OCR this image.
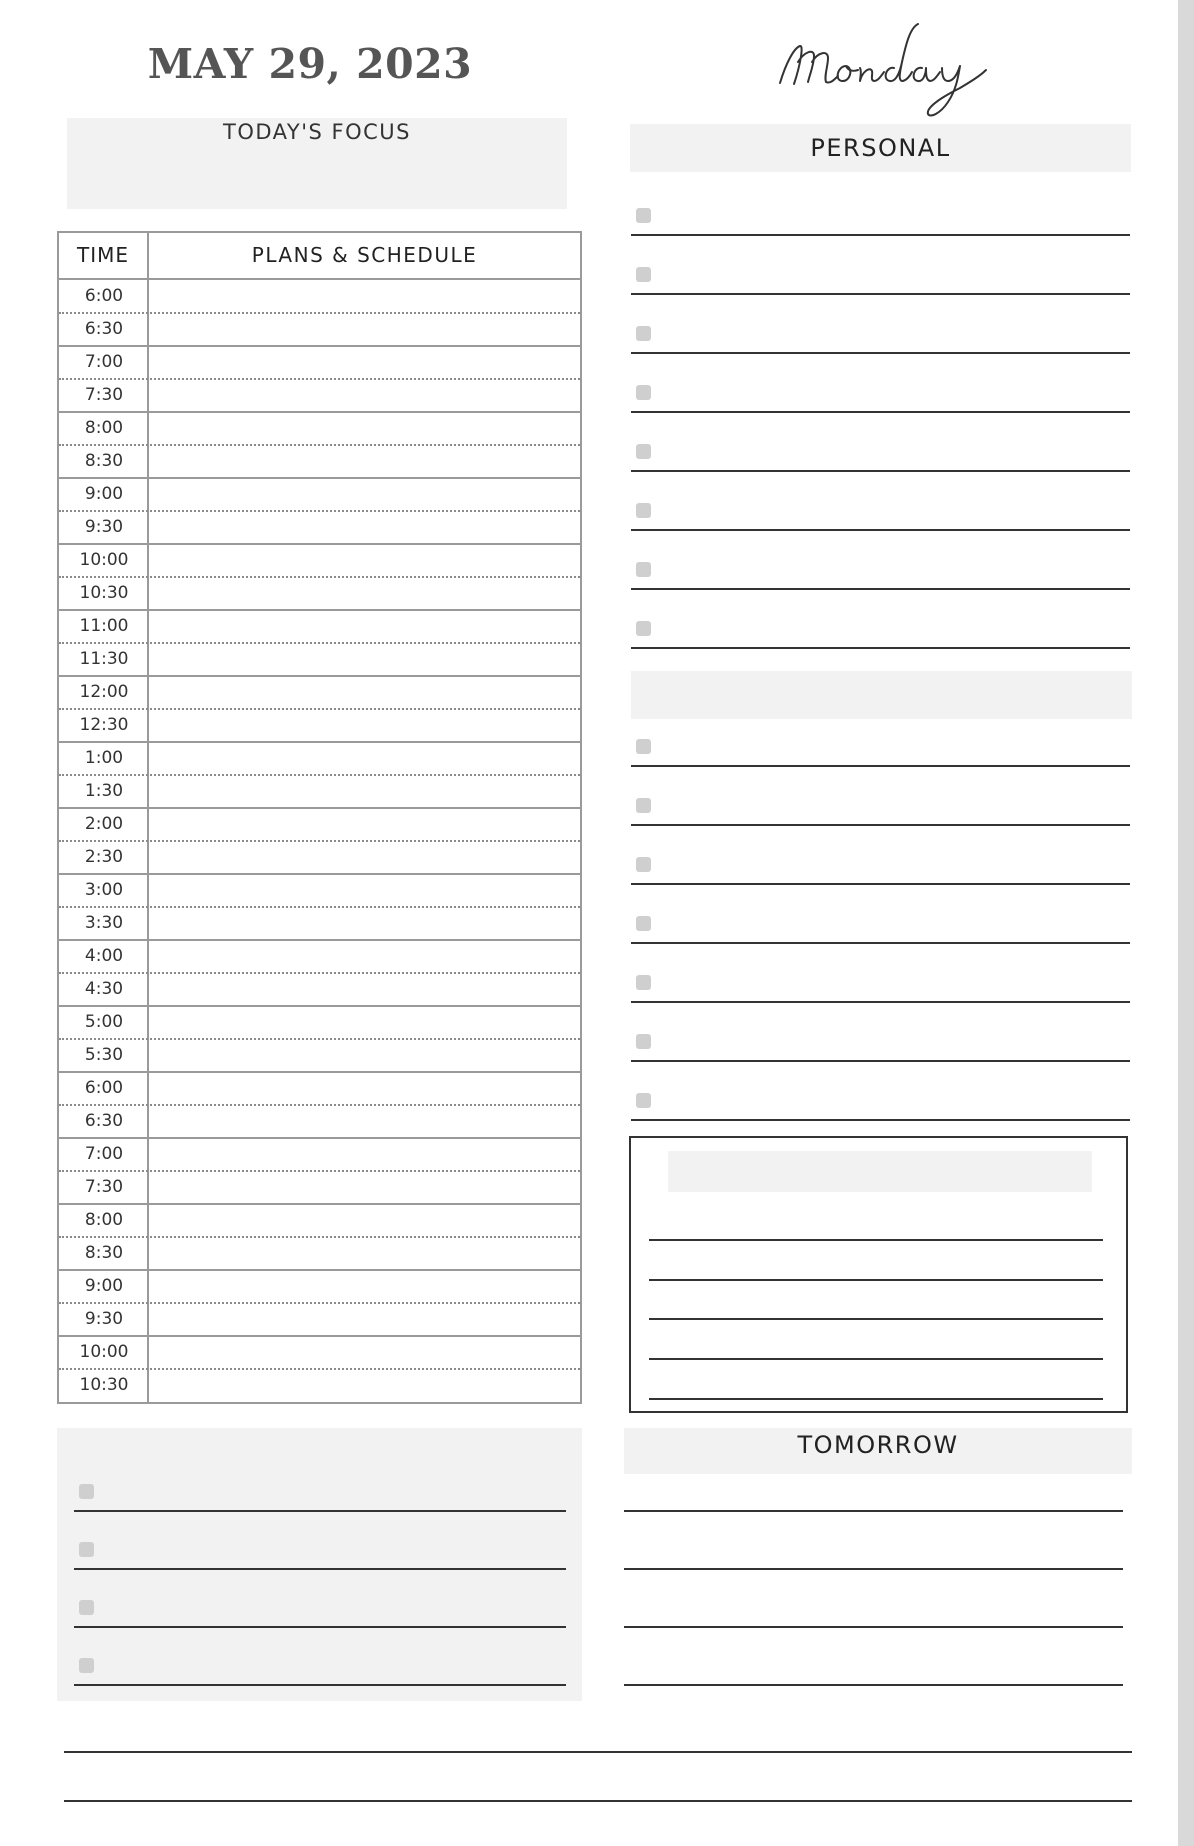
MAY 29, 2023
TODAY'S FOCUS
TIME	PLANS & SCHEDULE
6:00
6:30
7:00
7:30
8:00
8:30
9:00
9:30
10:00
10:30
11:00
11:30
12:00
12:30
1:00
1:30
2:00
2:30
3:00
3:30
4:00
4:30
5:00
5:30
6:00
6:30
7:00
7:30
8:00
8:30
9:00
9:30
10:00
10:30
PERSONAL
TOMORROW
